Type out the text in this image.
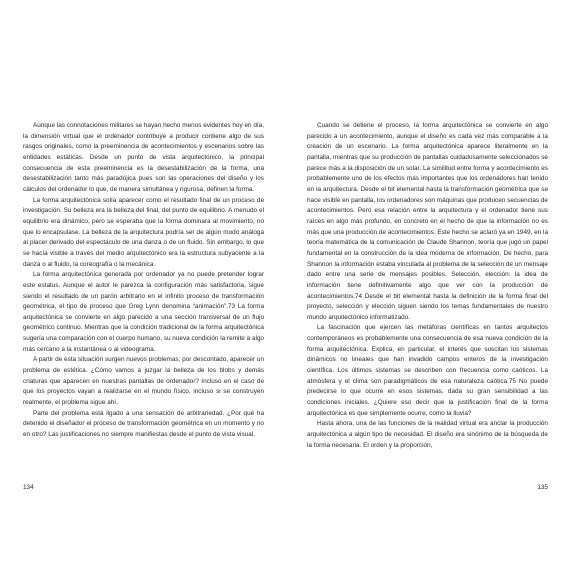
Aunque las connotaciones militares se hayan hecho menos evidentes hoy en día, la dimensión virtual que el ordenador contribuye a producir contiene algo de sus rasgos originales, como la preeminencia de acontecimientos y escenarios sobre las entidades estáticas. Desde un punto de vista arquitectónico, la principal consecuencia de esta preeminencia es la desestabilización de la forma, una desestabilización tanto más paradójica pues son las operaciones del diseño y los cálculos del ordenador lo que, de manera simultánea y rigurosa, definen la forma.

La forma arquitectónica solía aparecer como el resultado final de un proceso de investigación. Su belleza era la belleza del final, del punto de equilibrio. A menudo el equilibrio era dinámico, pero se esperaba que la forma dominara al movimiento, no que lo encapsulase. La belleza de la arquitectura podría ser de algún modo análoga al placer derivado del espectáculo de una danza o de un fluido. Sin embargo, lo que se hacía visible a través del medio arquitectónico era la estructura subyacente a la danza o al fluido, la coreografía o la mecánica.

La forma arquitectónica generada por ordenador ya no puede pretender lograr este estatus. Aunque el autor le parezca la configuración más satisfactoria, sigue siendo el resultado de un parón arbitrario en el infinito proceso de transformación geométrica, el tipo de proceso que Greg Lynn denomina “animación”.73 La forma arquitectónica se convierte en algo parecido a una sección transversal de un flujo geométrico continuo. Mientras que la condición tradicional de la forma arquitectónica sugería una comparación con el cuerpo humano, su nueva condición la remite a algo más cercano a la instantánea o al videograma.

A partir de esta situación surgen nuevos problemas; por descontado, aparecer un problema de estética. ¿Cómo vamos a juzgar la belleza de los blobs y demás criaturas que aparecen en nuestras pantallas de ordenador? Incluso en el caso de que los proyectos vayan a realizarse en el mundo físico, incluso si se construyen realmente, el problema sigue ahí.

Parte del problema está ligado a una sensación de arbitrariedad. ¿Por qué ha detenido el diseñador el proceso de transformación geométrica en un momento y no en otro? Las justificaciones no siempre manifiestas desde el punto de vista visual.

134

Cuando se detiene el proceso, la forma arquitectónica se convierte en algo parecido a un acontecimiento, aunque el diseño es cada vez más comparable a la creación de un escenario. La forma arquitectónica aparece literalmente en la pantalla, mientras que su producción de pantallas cuidadosamente seleccionados se parece más a la disposición de un solar. La similitud entre forma y acontecimiento es probablemente uno de los efectos más importantes que los ordenadores han tenido en la arquitectura. Desde el bit elemental hasta la transformación geométrica que se hace visible en pantalla, los ordenadores son máquinas que producen secuencias de acontecimientos. Pero esa relación entre la arquitectura y el ordenador tiene sus raíces en algo más profundo, en concreto en el hecho de que la información no es más que una producción de acontecimientos. Este hecho se aclaró ya en 1949, en la teoría matemática de la comunicación de Claude Shannon, teoría que jugó un papel fundamental en la construcción de la idea moderna de información. De hecho, para Shannon la información estaba vinculada al problema de la selección de un mensaje dado entre una serie de mensajes posibles. Selección, elección: la idea de información tiene definitivamente algo que ver con la producción de acontecimientos.74 Desde el bit elemental hasta la definición de la forma final del proyecto, selección y elección siguen siendo los temas fundamentales de nuestro mundo arquitectónico informatizado.

La fascinación que ejercen las metáforas científicas en tantos arquitectos contemporáneos es probablemente una consecuencia de esa nueva condición de la forma arquitectónica. Explica, en particular, el interés que suscitan los sistemas dinámicos no lineales que han invadido campos enteros de la investigación científica. Los últimos sistemas se describen con frecuencia como caóticos. La atmósfera y el clima son paradigmáticos de esa naturaleza caótica.75 No puede predecirse lo que ocurre en esos sistemas, dada su gran sensibilidad a las condiciones iniciales. ¿Quiere eso decir que la justificación final de la forma arquitectónica es que simplemente ocurre, como la lluvia?

Hasta ahora, una de las funciones de la realidad virtual era anclar la producción arquitectónica a algún tipo de necesidad. El diseño era sinónimo de la búsqueda de la forma necesaria. El orden y la proporción,

135
